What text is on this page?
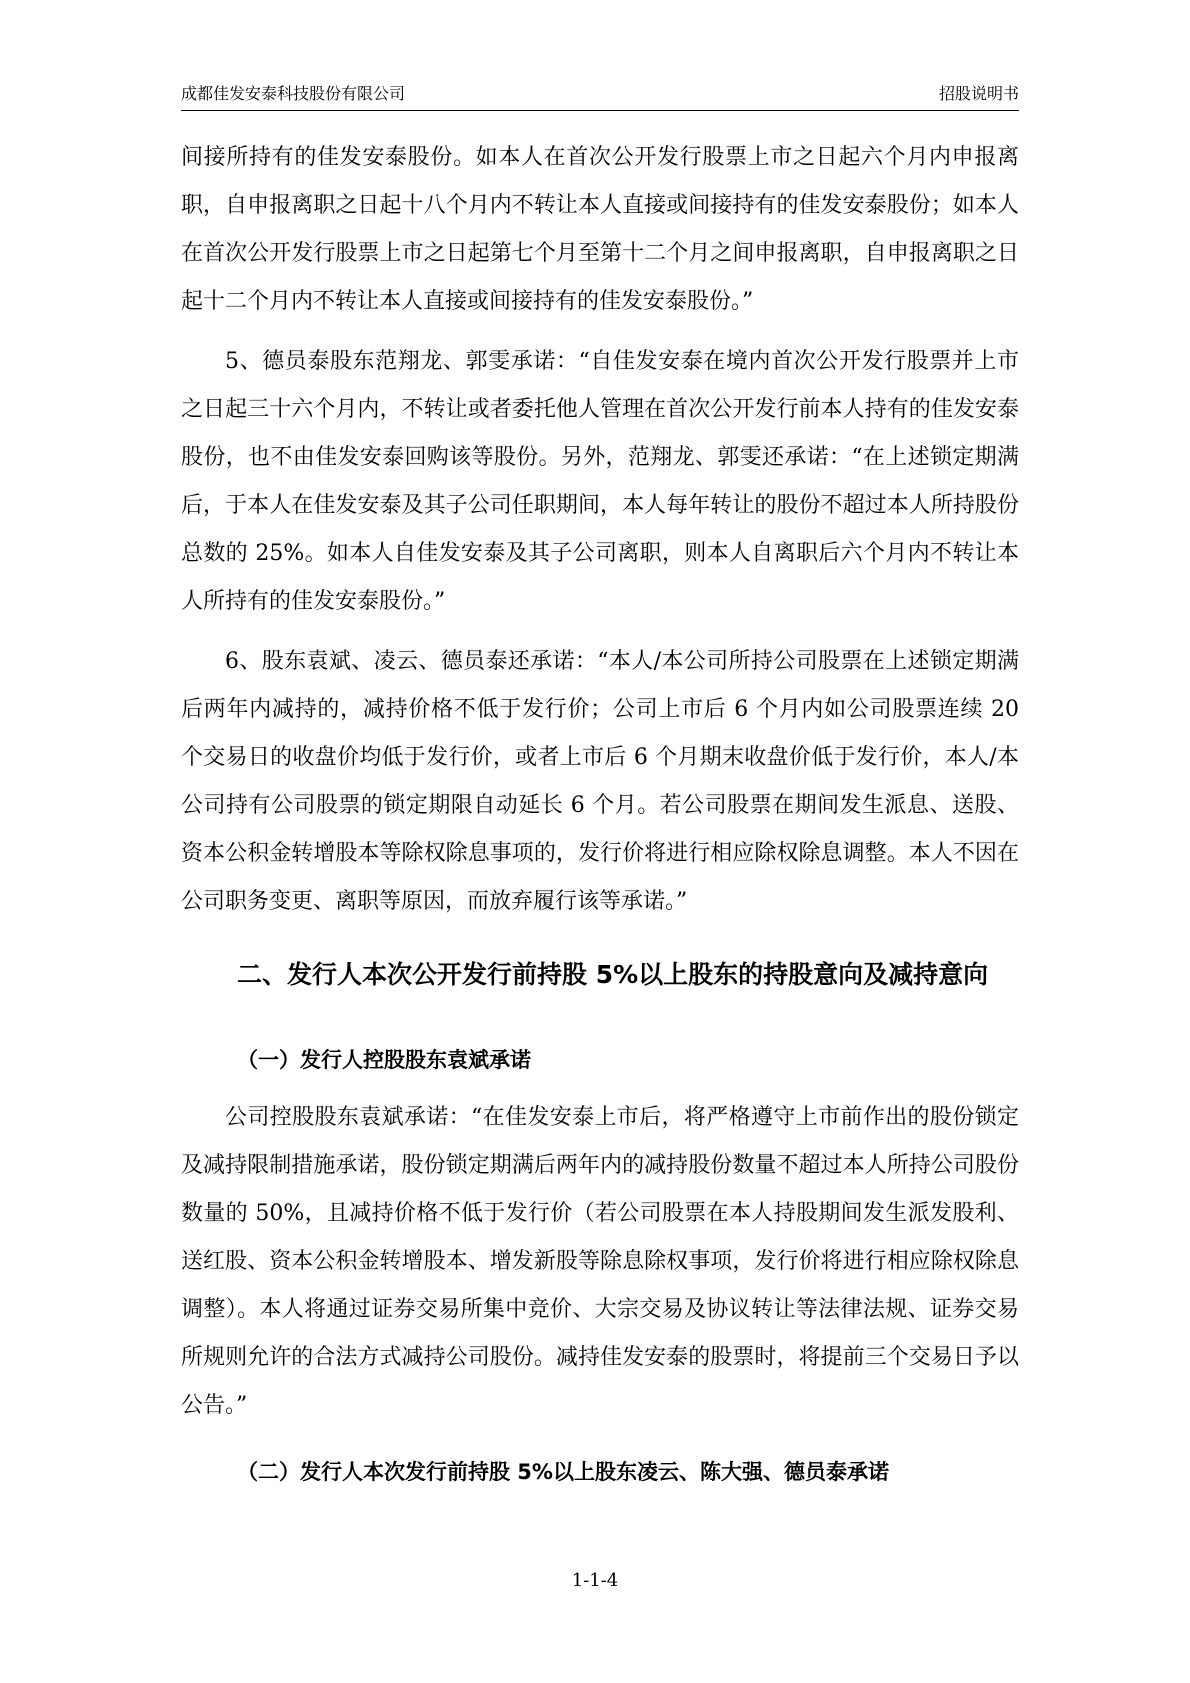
成都佳发安泰科技股份有限公司	招股说明书

间接所持有的佳发安泰股份。如本人在首次公开发行股票上市之日起六个月内申报离职，自申报离职之日起十八个月内不转让本人直接或间接持有的佳发安泰股份；如本人在首次公开发行股票上市之日起第七个月至第十二个月之间申报离职，自申报离职之日起十二个月内不转让本人直接或间接持有的佳发安泰股份。”

5、德员泰股东范翔龙、郭雯承诺：“自佳发安泰在境内首次公开发行股票并上市之日起三十六个月内，不转让或者委托他人管理在首次公开发行前本人持有的佳发安泰股份，也不由佳发安泰回购该等股份。另外，范翔龙、郭雯还承诺：“在上述锁定期满后，于本人在佳发安泰及其子公司任职期间，本人每年转让的股份不超过本人所持股份总数的 25%。如本人自佳发安泰及其子公司离职，则本人自离职后六个月内不转让本人所持有的佳发安泰股份。”

6、股东袁斌、凌云、德员泰还承诺：“本人/本公司所持公司股票在上述锁定期满后两年内减持的，减持价格不低于发行价；公司上市后 6 个月内如公司股票连续 20 个交易日的收盘价均低于发行价，或者上市后 6 个月期末收盘价低于发行价，本人/本公司持有公司股票的锁定期限自动延长 6 个月。若公司股票在期间发生派息、送股、资本公积金转增股本等除权除息事项的，发行价将进行相应除权除息调整。本人不因在公司职务变更、离职等原因，而放弃履行该等承诺。”

二、发行人本次公开发行前持股 5%以上股东的持股意向及减持意向
（一）发行人控股股东袁斌承诺

公司控股股东袁斌承诺：“在佳发安泰上市后，将严格遵守上市前作出的股份锁定及减持限制措施承诺，股份锁定期满后两年内的减持股份数量不超过本人所持公司股份数量的 50%，且减持价格不低于发行价（若公司股票在本人持股期间发生派发股利、送红股、资本公积金转增股本、增发新股等除息除权事项，发行价将进行相应除权除息调整）。本人将通过证券交易所集中竞价、大宗交易及协议转让等法律法规、证券交易所规则允许的合法方式减持公司股份。减持佳发安泰的股票时，将提前三个交易日予以公告。”

（二）发行人本次发行前持股 5%以上股东凌云、陈大强、德员泰承诺
1-1-4
